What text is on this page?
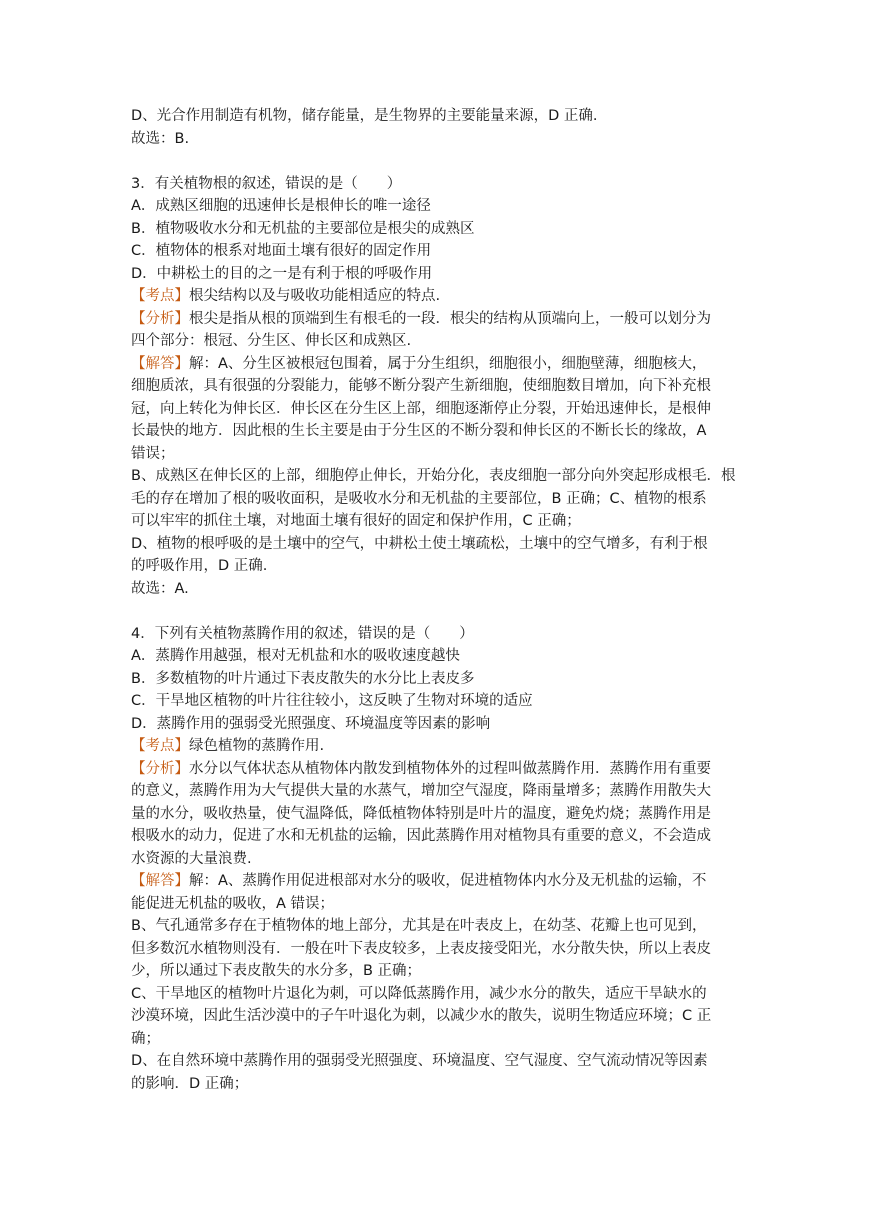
D、光合作用制造有机物，储存能量，是生物界的主要能量来源，D 正确.
故选：B.
3．有关植物根的叙述，错误的是（　　）
A．成熟区细胞的迅速伸长是根伸长的唯一途径
B．植物吸收水分和无机盐的主要部位是根尖的成熟区
C．植物体的根系对地面土壤有很好的固定作用
D．中耕松土的目的之一是有利于根的呼吸作用
【考点】根尖结构以及与吸收功能相适应的特点.
【分析】根尖是指从根的顶端到生有根毛的一段．根尖的结构从顶端向上，一般可以划分为
四个部分：根冠、分生区、伸长区和成熟区.
【解答】解：A、分生区被根冠包围着，属于分生组织，细胞很小，细胞壁薄，细胞核大，
细胞质浓，具有很强的分裂能力，能够不断分裂产生新细胞，使细胞数目增加，向下补充根
冠，向上转化为伸长区．伸长区在分生区上部，细胞逐渐停止分裂，开始迅速伸长，是根伸
长最快的地方．因此根的生长主要是由于分生区的不断分裂和伸长区的不断长长的缘故，A
错误；
B、成熟区在伸长区的上部，细胞停止伸长，开始分化，表皮细胞一部分向外突起形成根毛．根
毛的存在增加了根的吸收面积，是吸收水分和无机盐的主要部位，B 正确；C、植物的根系
可以牢牢的抓住土壤，对地面土壤有很好的固定和保护作用，C 正确；
D、植物的根呼吸的是土壤中的空气，中耕松土使土壤疏松，土壤中的空气增多，有利于根
的呼吸作用，D 正确.
故选：A.
4．下列有关植物蒸腾作用的叙述，错误的是（　　）
A．蒸腾作用越强，根对无机盐和水的吸收速度越快
B．多数植物的叶片通过下表皮散失的水分比上表皮多
C．干旱地区植物的叶片往往较小，这反映了生物对环境的适应
D．蒸腾作用的强弱受光照强度、环境温度等因素的影响
【考点】绿色植物的蒸腾作用.
【分析】水分以气体状态从植物体内散发到植物体外的过程叫做蒸腾作用．蒸腾作用有重要
的意义，蒸腾作用为大气提供大量的水蒸气，增加空气湿度，降雨量增多；蒸腾作用散失大
量的水分，吸收热量，使气温降低，降低植物体特别是叶片的温度，避免灼烧；蒸腾作用是
根吸水的动力，促进了水和无机盐的运输，因此蒸腾作用对植物具有重要的意义，不会造成
水资源的大量浪费.
【解答】解：A、蒸腾作用促进根部对水分的吸收，促进植物体内水分及无机盐的运输，不
能促进无机盐的吸收，A 错误；
B、气孔通常多存在于植物体的地上部分，尤其是在叶表皮上，在幼茎、花瓣上也可见到，
但多数沉水植物则没有．一般在叶下表皮较多，上表皮接受阳光，水分散失快，所以上表皮
少，所以通过下表皮散失的水分多，B 正确；
C、干旱地区的植物叶片退化为刺，可以降低蒸腾作用，减少水分的散失，适应干旱缺水的
沙漠环境，因此生活沙漠中的子午叶退化为刺，以减少水的散失，说明生物适应环境；C 正
确；
D、在自然环境中蒸腾作用的强弱受光照强度、环境温度、空气湿度、空气流动情况等因素
的影响．D 正确；
